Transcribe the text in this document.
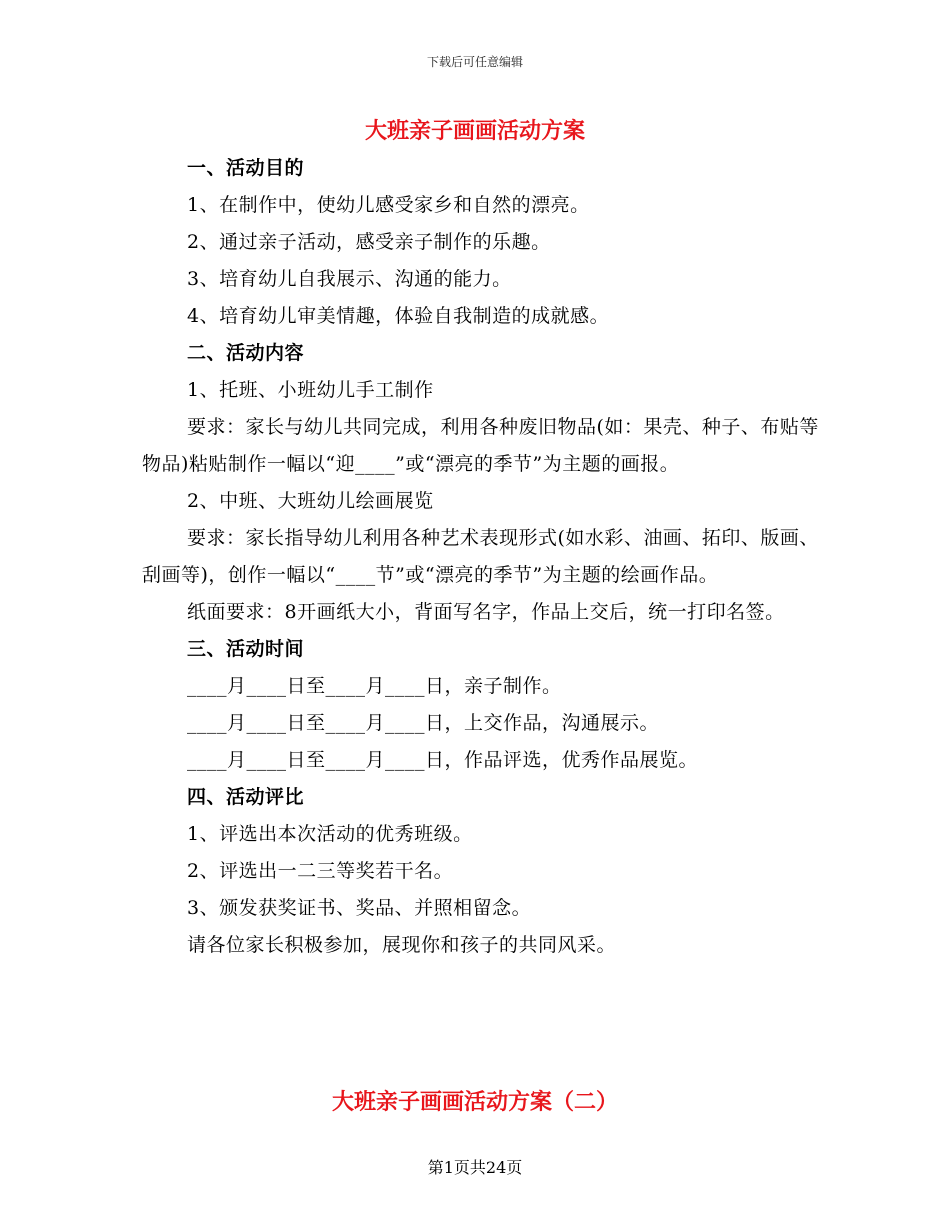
下载后可任意编辑
大班亲子画画活动方案

一、活动目的

1、在制作中，使幼儿感受家乡和自然的漂亮。

2、通过亲子活动，感受亲子制作的乐趣。

3、培育幼儿自我展示、沟通的能力。

4、培育幼儿审美情趣，体验自我制造的成就感。

二、活动内容

1、托班、小班幼儿手工制作

要求：家长与幼儿共同完成，利用各种废旧物品(如：果壳、种子、布贴等物品)粘贴制作一幅以“迎____”或“漂亮的季节”为主题的画报。

2、中班、大班幼儿绘画展览

要求：家长指导幼儿利用各种艺术表现形式(如水彩、油画、拓印、版画、刮画等)，创作一幅以“____节”或“漂亮的季节”为主题的绘画作品。

纸面要求：8开画纸大小，背面写名字，作品上交后，统一打印名签。

三、活动时间

____月____日至____月____日，亲子制作。

____月____日至____月____日，上交作品，沟通展示。

____月____日至____月____日，作品评选，优秀作品展览。

四、活动评比

1、评选出本次活动的优秀班级。

2、评选出一二三等奖若干名。

3、颁发获奖证书、奖品、并照相留念。

请各位家长积极参加，展现你和孩子的共同风采。

大班亲子画画活动方案（二）
第1页共24页
